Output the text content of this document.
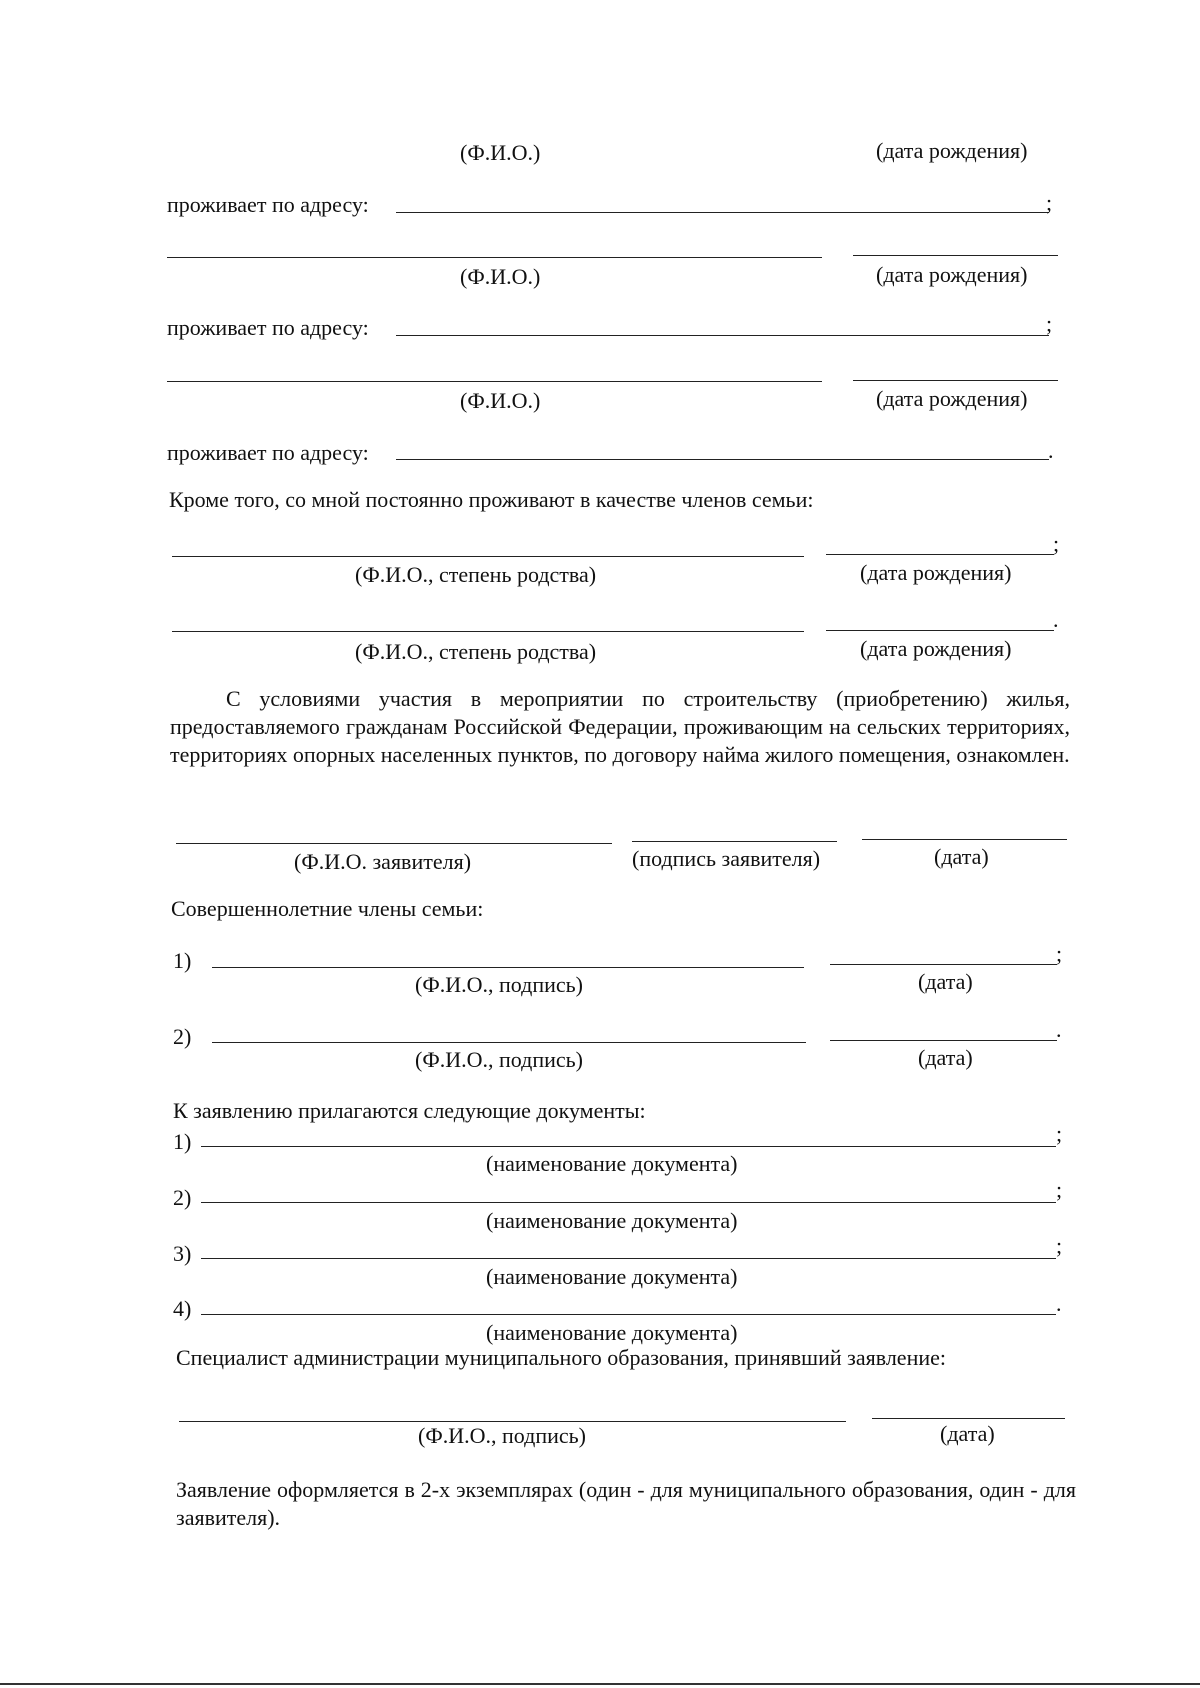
(Ф.И.О.)	(дата рождения)
проживает по адресу:	;
(Ф.И.О.)	(дата рождения)
проживает по адресу:	;
(Ф.И.О.)	(дата рождения)
проживает по адресу:	.
Кроме того, со мной постоянно проживают в качестве членов семьи:
;
(Ф.И.О., степень родства)	(дата рождения)
.
(Ф.И.О., степень родства)	(дата рождения)
С условиями участия в мероприятии по строительству (приобретению) жилья, предоставляемого гражданам Российской Федерации, проживающим на сельских территориях, территориях опорных населенных пунктов, по договору найма жилого помещения, ознакомлен.
(Ф.И.О. заявителя)	(подпись заявителя)	(дата)
Совершеннолетние члены семьи:
1)	;
(Ф.И.О., подпись)	(дата)
2)	.
(Ф.И.О., подпись)	(дата)
К заявлению прилагаются следующие документы:
1)	;
(наименование документа)
2)	;
(наименование документа)
3)	;
(наименование документа)
4)	.
(наименование документа)
Специалист администрации муниципального образования, принявший заявление:
(Ф.И.О., подпись)	(дата)
Заявление оформляется в 2-х экземплярах (один - для муниципального образования, один - для заявителя).
